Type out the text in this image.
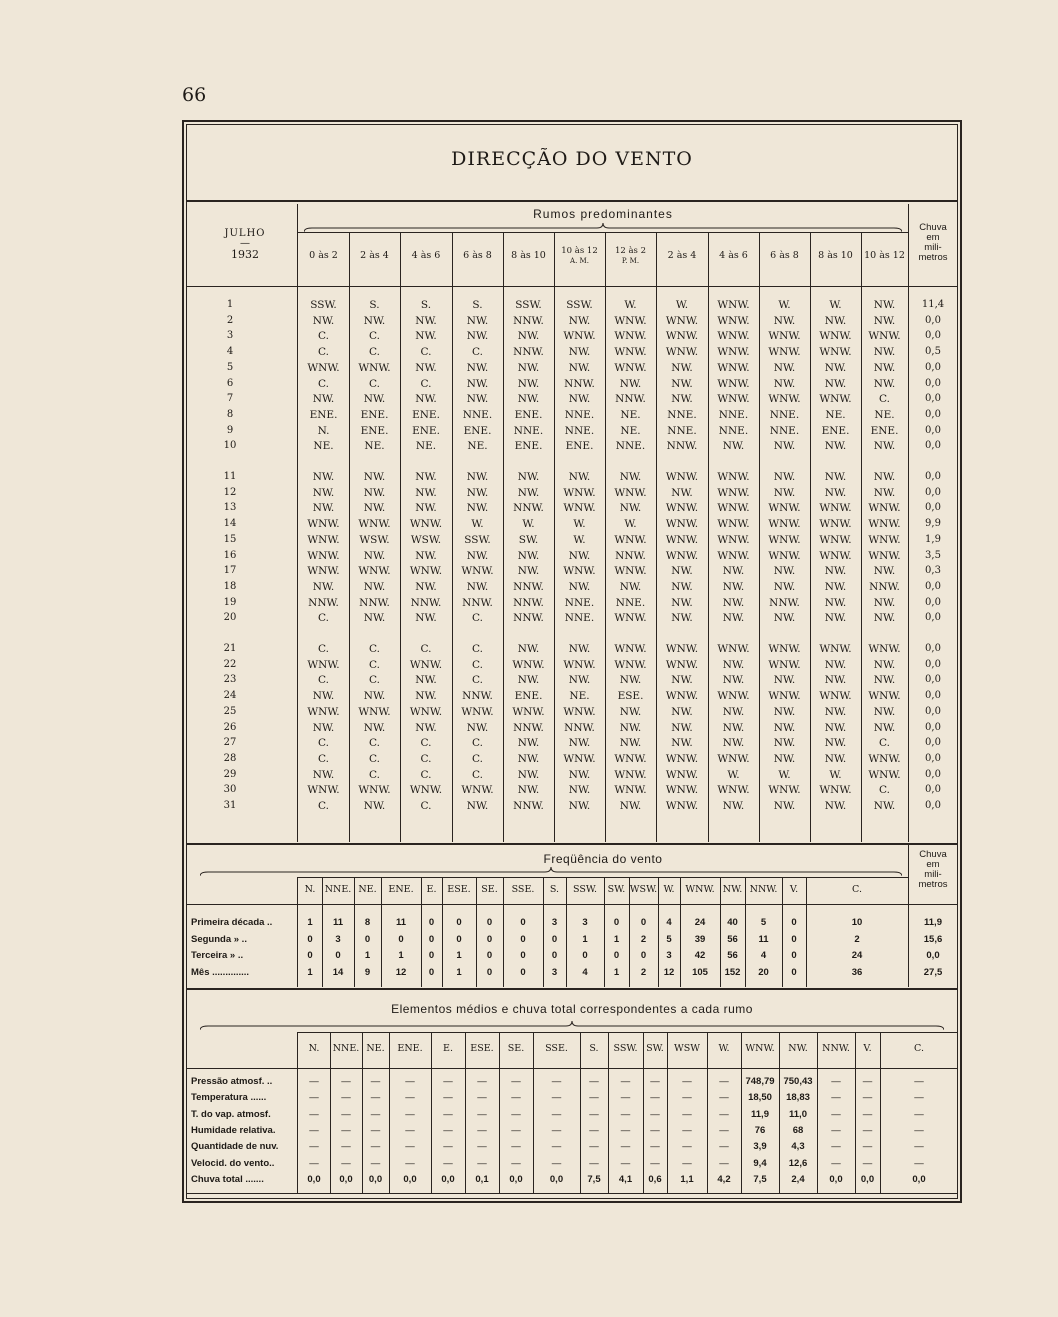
66
DIRECÇÃO DO VENTO
JULHO
—
1932
Rumos predominantes
Chuva
em
mili-
metros
0 às 2	2 às 4	4 às 6	6 às 8	8 às 10	10 às 12
A. M.
12 às 2
P. M.	2 às 4	4 às 6	6 às 8	8 às 10	10 às 12
1	SSW.	S.	S.	S.	SSW.	SSW.	W.	W.	WNW.	W.	W.	NW.	11,4
2	NW.	NW.	NW.	NW.	NNW.	NW.	WNW.	WNW.	WNW.	NW.	NW.	NW.	0,0
3	C.	C.	NW.	NW.	NW.	WNW.	WNW.	WNW.	WNW.	WNW.	WNW.	WNW.	0,0
4	C.	C.	C.	C.	NNW.	NW.	WNW.	WNW.	WNW.	WNW.	WNW.	NW.	0,5
5	WNW.	WNW.	NW.	NW.	NW.	NW.	WNW.	NW.	WNW.	NW.	NW.	NW.	0,0
6	C.	C.	C.	NW.	NW.	NNW.	NW.	NW.	WNW.	NW.	NW.	NW.	0,0
7	NW.	NW.	NW.	NW.	NW.	NW.	NNW.	NW.	WNW.	WNW.	WNW.	C.	0,0
8	ENE.	ENE.	ENE.	NNE.	ENE.	NNE.	NE.	NNE.	NNE.	NNE.	NE.	NE.	0,0
9	N.	ENE.	ENE.	ENE.	NNE.	NNE.	NE.	NNE.	NNE.	NNE.	ENE.	ENE.	0,0
10	NE.	NE.	NE.	NE.	ENE.	ENE.	NNE.	NNW.	NW.	NW.	NW.	NW.	0,0
11	NW.	NW.	NW.	NW.	NW.	NW.	NW.	WNW.	WNW.	NW.	NW.	NW.	0,0
12	NW.	NW.	NW.	NW.	NW.	WNW.	WNW.	NW.	WNW.	NW.	NW.	NW.	0,0
13	NW.	NW.	NW.	NW.	NNW.	WNW.	NW.	WNW.	WNW.	WNW.	WNW.	WNW.	0,0
14	WNW.	WNW.	WNW.	W.	W.	W.	W.	WNW.	WNW.	WNW.	WNW.	WNW.	9,9
15	WNW.	WSW.	WSW.	SSW.	SW.	W.	WNW.	WNW.	WNW.	WNW.	WNW.	WNW.	1,9
16	WNW.	NW.	NW.	NW.	NW.	NW.	NNW.	WNW.	WNW.	WNW.	WNW.	WNW.	3,5
17	WNW.	WNW.	WNW.	WNW.	NW.	WNW.	WNW.	NW.	NW.	NW.	NW.	NW.	0,3
18	NW.	NW.	NW.	NW.	NNW.	NW.	NW.	NW.	NW.	NW.	NW.	NNW.	0,0
19	NNW.	NNW.	NNW.	NNW.	NNW.	NNE.	NNE.	NW.	NW.	NNW.	NW.	NW.	0,0
20	C.	NW.	NW.	C.	NNW.	NNE.	WNW.	NW.	NW.	NW.	NW.	NW.	0,0
21	C.	C.	C.	C.	NW.	NW.	WNW.	WNW.	WNW.	WNW.	WNW.	WNW.	0,0
22	WNW.	C.	WNW.	C.	WNW.	WNW.	WNW.	WNW.	NW.	WNW.	NW.	NW.	0,0
23	C.	C.	NW.	C.	NW.	NW.	NW.	NW.	NW.	NW.	NW.	NW.	0,0
24	NW.	NW.	NW.	NNW.	ENE.	NE.	ESE.	WNW.	WNW.	WNW.	WNW.	WNW.	0,0
25	WNW.	WNW.	WNW.	WNW.	WNW.	WNW.	NW.	NW.	NW.	NW.	NW.	NW.	0,0
26	NW.	NW.	NW.	NW.	NNW.	NNW.	NW.	NW.	NW.	NW.	NW.	NW.	0,0
27	C.	C.	C.	C.	NW.	NW.	NW.	NW.	NW.	NW.	NW.	C.	0,0
28	C.	C.	C.	C.	NW.	WNW.	WNW.	WNW.	WNW.	NW.	NW.	WNW.	0,0
29	NW.	C.	C.	C.	NW.	NW.	WNW.	WNW.	W.	W.	W.	WNW.	0,0
30	WNW.	WNW.	WNW.	WNW.	NW.	NW.	WNW.	WNW.	WNW.	WNW.	WNW.	C.	0,0
31	C.	NW.	C.	NW.	NNW.	NW.	NW.	WNW.	NW.	NW.	NW.	NW.	0,0
Freqüência do vento	Chuva
em
mili-
metros
N. NNE. NE.	ENE.	E.	ESE.	SE.	SSE.	S.	SSW.	SW. WSW. W.	WNW. NW. NNW.	V.	C.
Primeira década ..	1	11	8	11	0	0	0	0	3	3	0	0	4	24	40	5	0	10	11,9
Segunda » ..	0	3	0	0	0	0	0	0	0	1	1	2	5	39	56	11	0	2	15,6
Terceira » ..	0	0	1	1	0	1	0	0	0	0	0	0	3	42	56	4	0	24	0,0
Mês ..............	1	14	9	12	0	1	0	0	3	4	1	2	12	105	152	20	0	36	27,5
Elementos médios e chuva total correspondentes a cada rumo
N.	NNE. NE.	ENE.	E.	ESE.	SE.	SSE.	S.	SSW. SW.	WSW	W.	WNW.	NW.	NNW.	V.	C.
Pressão atmosf. ..	—	—	—	—	—	—	—	—	—	—	—	—	—	748,79 750,43	—	—	—
Temperatura ......	—	—	—	—	—	—	—	—	—	—	—	—	—	18,50	18,83	—	—	—
T. do vap. atmosf.	—	—	—	—	—	—	—	—	—	—	—	—	—	11,9	11,0	—	—	—
Humidade relativa.	—	—	—	—	—	—	—	—	—	—	—	—	—	76	68	—	—	—
Quantidade de nuv.	—	—	—	—	—	—	—	—	—	—	—	—	—	3,9	4,3	—	—	—
Velocid. do vento..	—	—	—	—	—	—	—	—	—	—	—	—	—	9,4	12,6	—	—	—
Chuva total .......	0,0	0,0	0,0	0,0	0,0	0,1	0,0	0,0	7,5	4,1	0,6	1,1	4,2	7,5	2,4	0,0	0,0	0,0
